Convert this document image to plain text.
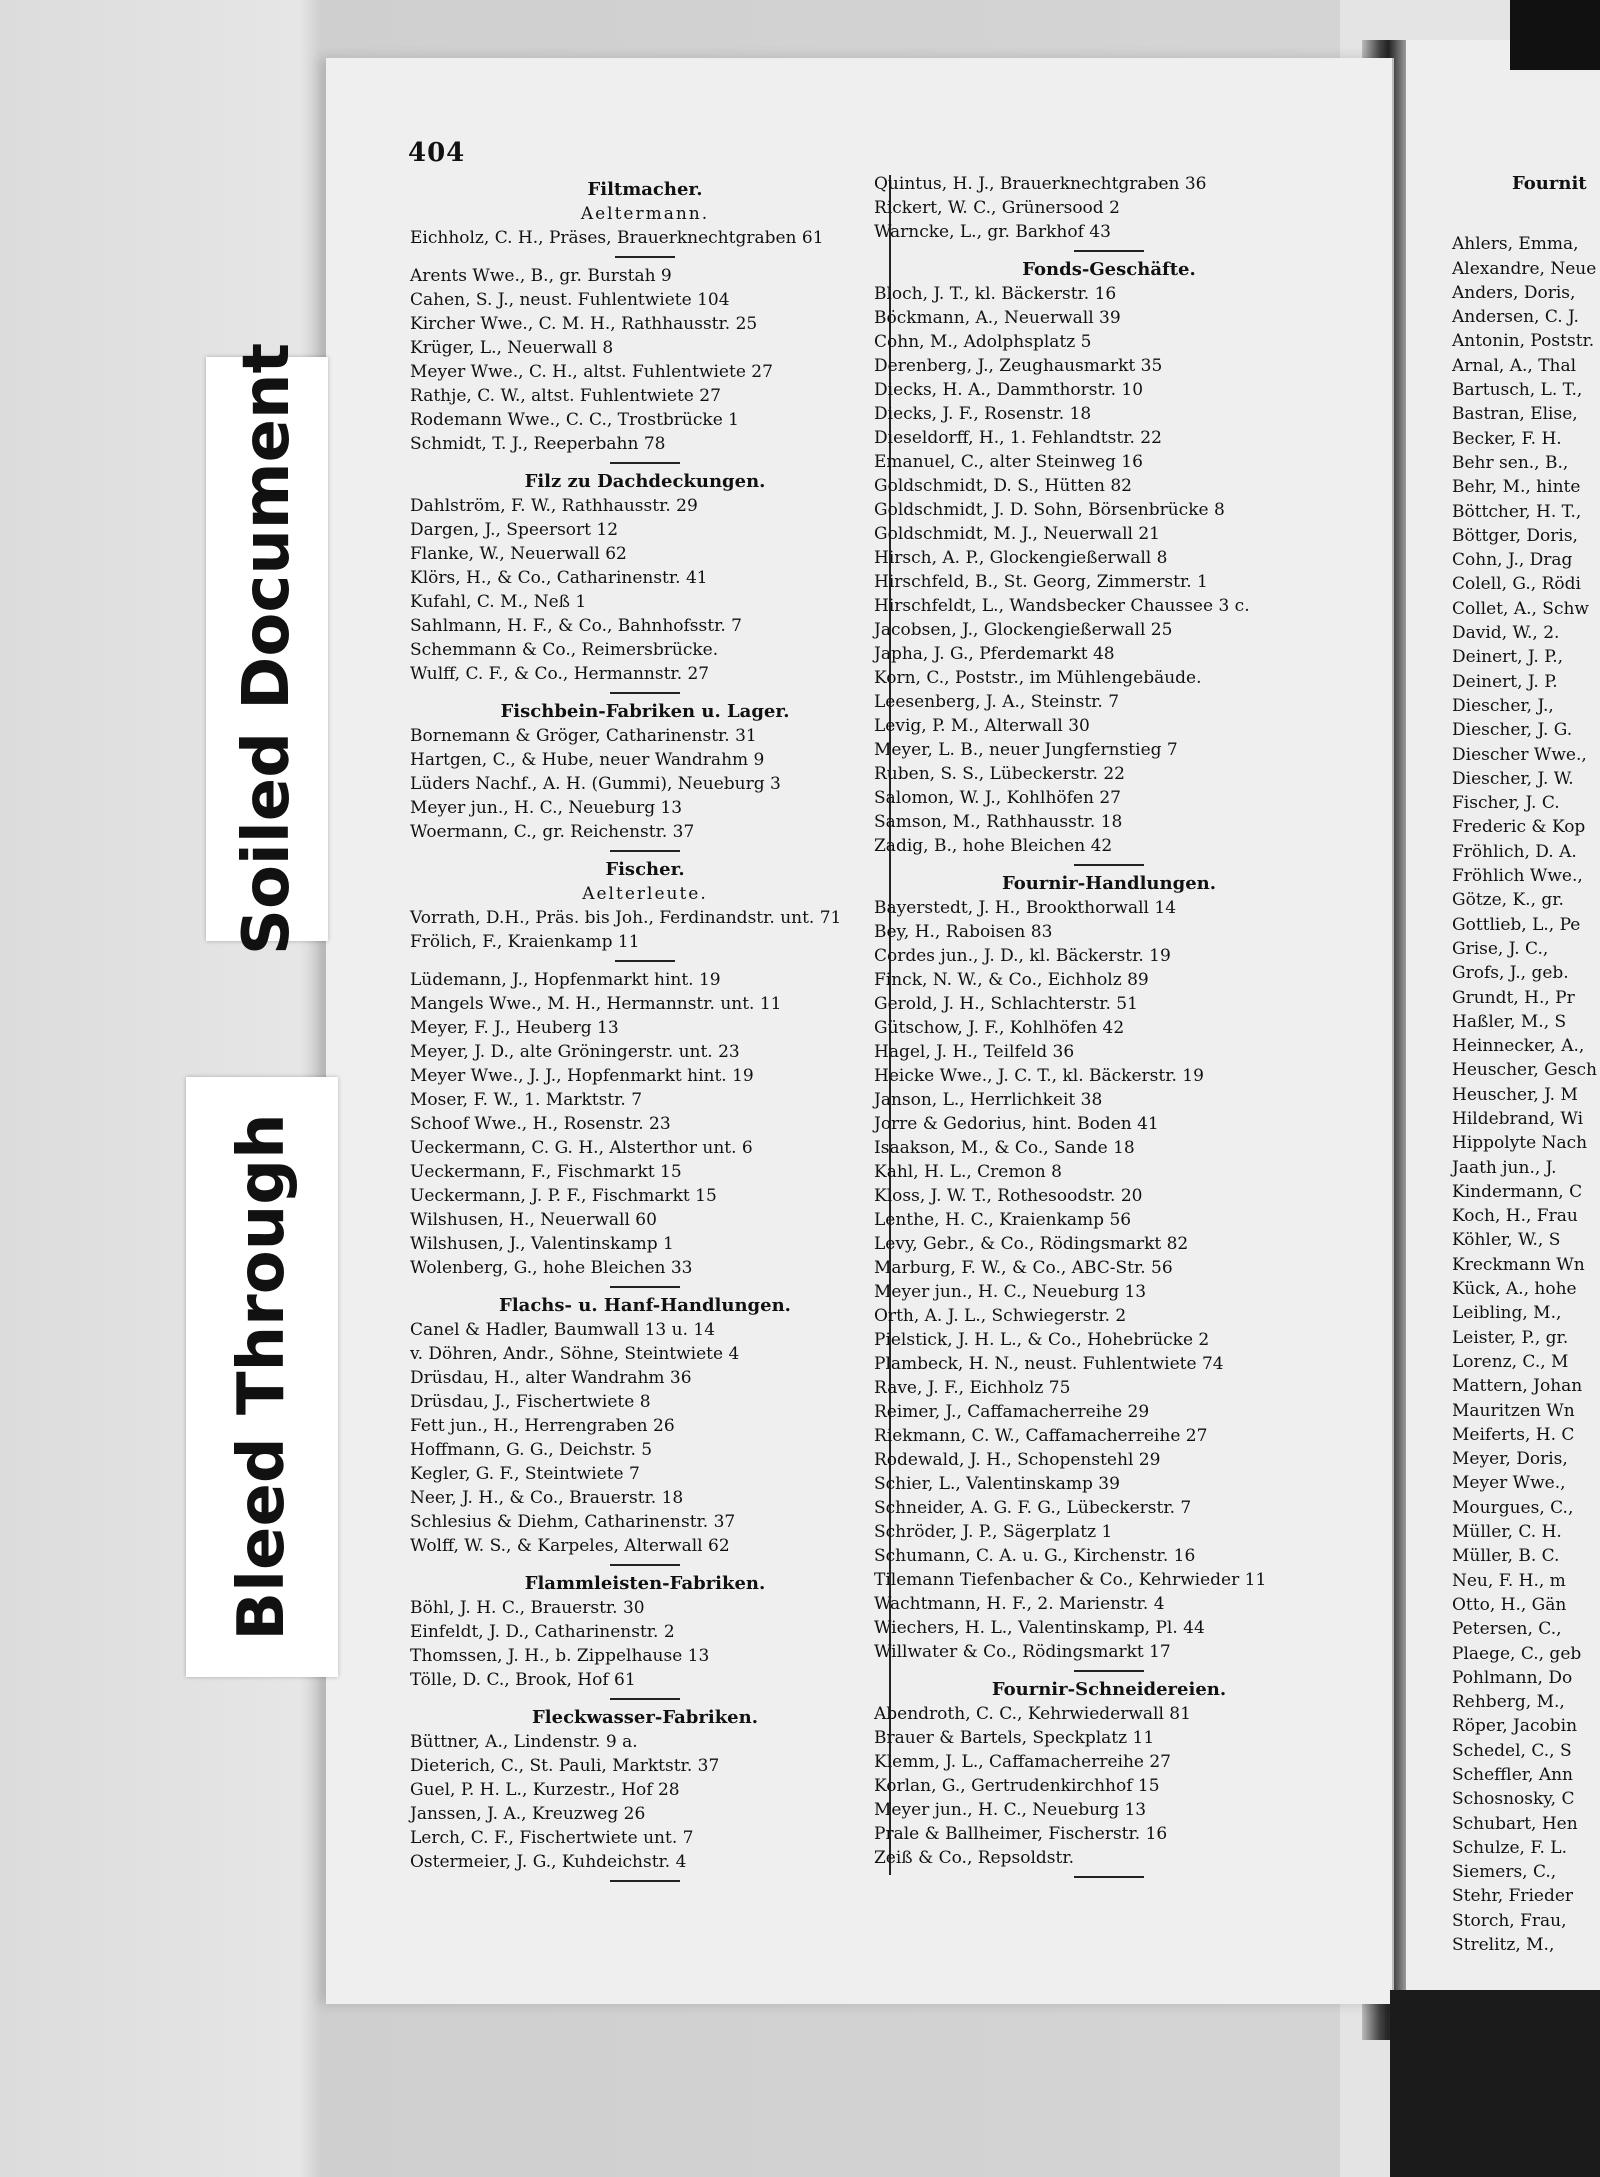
Soiled Document
Bleed Through
404
Filtmacher.
Aeltermann.
Eichholz, C. H., Präses, Brauerknechtgraben 61
Arents Wwe., B., gr. Burstah 9
Cahen, S. J., neust. Fuhlentwiete 104
Kircher Wwe., C. M. H., Rathhausstr. 25
Krüger, L., Neuerwall 8
Meyer Wwe., C. H., altst. Fuhlentwiete 27
Rathje, C. W., altst. Fuhlentwiete 27
Rodemann Wwe., C. C., Trostbrücke 1
Schmidt, T. J., Reeperbahn 78
Filz zu Dachdeckungen.
Dahlström, F. W., Rathhausstr. 29
Dargen, J., Speersort 12
Flanke, W., Neuerwall 62
Klörs, H., & Co., Catharinenstr. 41
Kufahl, C. M., Neß 1
Sahlmann, H. F., & Co., Bahnhofsstr. 7
Schemmann & Co., Reimersbrücke.
Wulff, C. F., & Co., Hermannstr. 27
Fischbein-Fabriken u. Lager.
Bornemann & Gröger, Catharinenstr. 31
Hartgen, C., & Hube, neuer Wandrahm 9
Lüders Nachf., A. H. (Gummi), Neueburg 3
Meyer jun., H. C., Neueburg 13
Woermann, C., gr. Reichenstr. 37
Fischer.
Aelterleute.
Vorrath, D.H., Präs. bis Joh., Ferdinandstr. unt. 71
Frölich, F., Kraienkamp 11
Lüdemann, J., Hopfenmarkt hint. 19
Mangels Wwe., M. H., Hermannstr. unt. 11
Meyer, F. J., Heuberg 13
Meyer, J. D., alte Gröningerstr. unt. 23
Meyer Wwe., J. J., Hopfenmarkt hint. 19
Moser, F. W., 1. Marktstr. 7
Schoof Wwe., H., Rosenstr. 23
Ueckermann, C. G. H., Alsterthor unt. 6
Ueckermann, F., Fischmarkt 15
Ueckermann, J. P. F., Fischmarkt 15
Wilshusen, H., Neuerwall 60
Wilshusen, J., Valentinskamp 1
Wolenberg, G., hohe Bleichen 33
Flachs- u. Hanf-Handlungen.
Canel & Hadler, Baumwall 13 u. 14
v. Döhren, Andr., Söhne, Steintwiete 4
Drüsdau, H., alter Wandrahm 36
Drüsdau, J., Fischertwiete 8
Fett jun., H., Herrengraben 26
Hoffmann, G. G., Deichstr. 5
Kegler, G. F., Steintwiete 7
Neer, J. H., & Co., Brauerstr. 18
Schlesius & Diehm, Catharinenstr. 37
Wolff, W. S., & Karpeles, Alterwall 62
Flammleisten-Fabriken.
Böhl, J. H. C., Brauerstr. 30
Einfeldt, J. D., Catharinenstr. 2
Thomssen, J. H., b. Zippelhause 13
Tölle, D. C., Brook, Hof 61
Fleckwasser-Fabriken.
Büttner, A., Lindenstr. 9 a.
Dieterich, C., St. Pauli, Marktstr. 37
Guel, P. H. L., Kurzestr., Hof 28
Janssen, J. A., Kreuzweg 26
Lerch, C. F., Fischertwiete unt. 7
Ostermeier, J. G., Kuhdeichstr. 4
Quintus, H. J., Brauerknechtgraben 36
Rickert, W. C., Grünersood 2
Warncke, L., gr. Barkhof 43
Fonds-Geschäfte.
Bloch, J. T., kl. Bäckerstr. 16
Böckmann, A., Neuerwall 39
Cohn, M., Adolphsplatz 5
Derenberg, J., Zeughausmarkt 35
Diecks, H. A., Dammthorstr. 10
Diecks, J. F., Rosenstr. 18
Dieseldorff, H., 1. Fehlandtstr. 22
Emanuel, C., alter Steinweg 16
Goldschmidt, D. S., Hütten 82
Goldschmidt, J. D. Sohn, Börsenbrücke 8
Goldschmidt, M. J., Neuerwall 21
Hirsch, A. P., Glockengießerwall 8
Hirschfeld, B., St. Georg, Zimmerstr. 1
Hirschfeldt, L., Wandsbecker Chaussee 3 c.
Jacobsen, J., Glockengießerwall 25
Japha, J. G., Pferdemarkt 48
Korn, C., Poststr., im Mühlengebäude.
Leesenberg, J. A., Steinstr. 7
Levig, P. M., Alterwall 30
Meyer, L. B., neuer Jungfernstieg 7
Ruben, S. S., Lübeckerstr. 22
Salomon, W. J., Kohlhöfen 27
Samson, M., Rathhausstr. 18
Zadig, B., hohe Bleichen 42
Fournir-Handlungen.
Bayerstedt, J. H., Brookthorwall 14
Bey, H., Raboisen 83
Cordes jun., J. D., kl. Bäckerstr. 19
Finck, N. W., & Co., Eichholz 89
Gerold, J. H., Schlachterstr. 51
Gütschow, J. F., Kohlhöfen 42
Hagel, J. H., Teilfeld 36
Heicke Wwe., J. C. T., kl. Bäckerstr. 19
Janson, L., Herrlichkeit 38
Jorre & Gedorius, hint. Boden 41
Isaakson, M., & Co., Sande 18
Kahl, H. L., Cremon 8
Kloss, J. W. T., Rothesoodstr. 20
Lenthe, H. C., Kraienkamp 56
Levy, Gebr., & Co., Rödingsmarkt 82
Marburg, F. W., & Co., ABC-Str. 56
Meyer jun., H. C., Neueburg 13
Orth, A. J. L., Schwiegerstr. 2
Pielstick, J. H. L., & Co., Hohebrücke 2
Plambeck, H. N., neust. Fuhlentwiete 74
Rave, J. F., Eichholz 75
Reimer, J., Caffamacherreihe 29
Riekmann, C. W., Caffamacherreihe 27
Rodewald, J. H., Schopenstehl 29
Schier, L., Valentinskamp 39
Schneider, A. G. F. G., Lübeckerstr. 7
Schröder, J. P., Sägerplatz 1
Schumann, C. A. u. G., Kirchenstr. 16
Tilemann Tiefenbacher & Co., Kehrwieder 11
Wachtmann, H. F., 2. Marienstr. 4
Wiechers, H. L., Valentinskamp, Pl. 44
Willwater & Co., Rödingsmarkt 17
Fournir-Schneidereien.
Abendroth, C. C., Kehrwiederwall 81
Brauer & Bartels, Speckplatz 11
Klemm, J. L., Caffamacherreihe 27
Korlan, G., Gertrudenkirchhof 15
Meyer jun., H. C., Neueburg 13
Prale & Ballheimer, Fischerstr. 16
Zeiß & Co., Repsoldstr.
Fournit
Ahlers, Emma,
Alexandre, Neue
Anders, Doris,
Andersen, C. J.
Antonin, Poststr.
Arnal, A., Thal
Bartusch, L. T.,
Bastran, Elise,
Becker, F. H.
Behr sen., B.,
Behr, M., hinte
Böttcher, H. T.,
Böttger, Doris,
Cohn, J., Drag
Colell, G., Rödi
Collet, A., Schw
David, W., 2.
Deinert, J. P.,
Deinert, J. P.
Diescher, J.,
Diescher, J. G.
Diescher Wwe.,
Diescher, J. W.
Fischer, J. C.
Frederic & Kop
Fröhlich, D. A.
Fröhlich Wwe.,
Götze, K., gr.
Gottlieb, L., Pe
Grise, J. C.,
Grofs, J., geb.
Grundt, H., Pr
Haßler, M., S
Heinnecker, A.,
Heuscher, Gesch
Heuscher, J. M
Hildebrand, Wi
Hippolyte Nach
Jaath jun., J.
Kindermann, C
Koch, H., Frau
Köhler, W., S
Kreckmann Wn
Kück, A., hohe
Leibling, M.,
Leister, P., gr.
Lorenz, C., M
Mattern, Johan
Mauritzen Wn
Meiferts, H. C
Meyer, Doris,
Meyer Wwe.,
Mourgues, C.,
Müller, C. H.
Müller, B. C.
Neu, F. H., m
Otto, H., Gän
Petersen, C.,
Plaege, C., geb
Pohlmann, Do
Rehberg, M.,
Röper, Jacobin
Schedel, C., S
Scheffler, Ann
Schosnosky, C
Schubart, Hen
Schulze, F. L.
Siemers, C.,
Stehr, Frieder
Storch, Frau,
Strelitz, M.,
